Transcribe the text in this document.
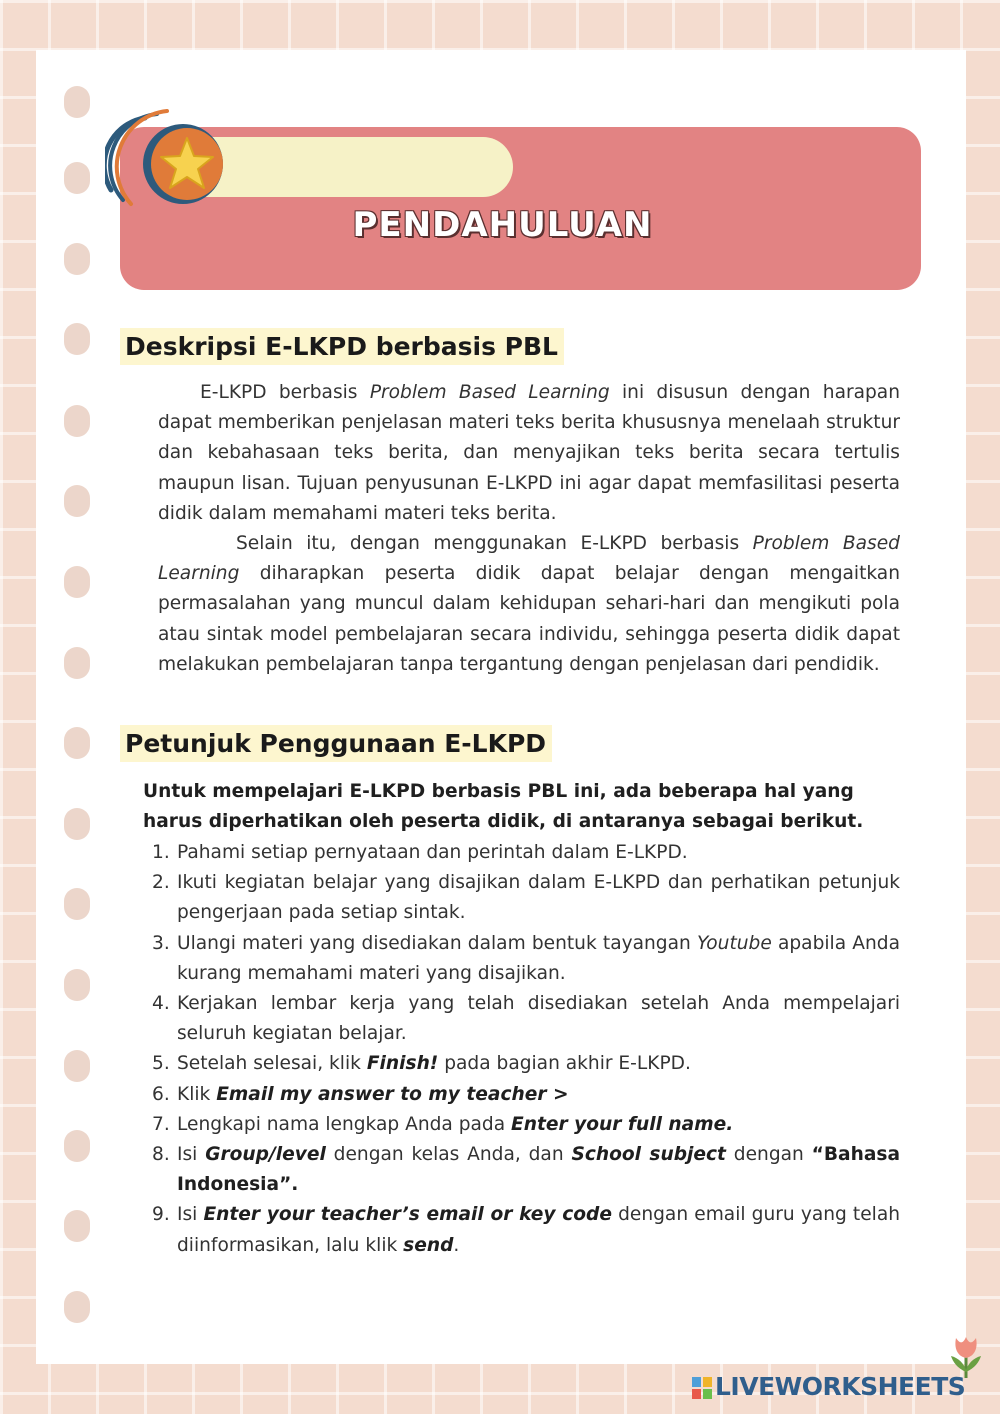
PENDAHULUAN
Deskripsi E-LKPD berbasis PBL

E-LKPD berbasis Problem Based Learning ini disusun dengan harapan dapat memberikan penjelasan materi teks berita khususnya menelaah struktur dan kebahasaan teks berita, dan menyajikan teks berita secara tertulis maupun lisan. Tujuan penyusunan E-LKPD ini agar dapat memfasilitasi peserta didik dalam memahami materi teks berita.

Selain itu, dengan menggunakan E-LKPD berbasis Problem Based Learning diharapkan peserta didik dapat belajar dengan mengaitkan permasalahan yang muncul dalam kehidupan sehari-hari dan mengikuti pola atau sintak model pembelajaran secara individu, sehingga peserta didik dapat melakukan pembelajaran tanpa tergantung dengan penjelasan dari pendidik.

Petunjuk Penggunaan E-LKPD

Untuk mempelajari E-LKPD berbasis PBL ini, ada beberapa hal yang harus diperhatikan oleh peserta didik, di antaranya sebagai berikut.

1. Pahami setiap pernyataan dan perintah dalam E-LKPD.
2. Ikuti kegiatan belajar yang disajikan dalam E-LKPD dan perhatikan petunjuk pengerjaan pada setiap sintak.
3. Ulangi materi yang disediakan dalam bentuk tayangan Youtube apabila Anda kurang memahami materi yang disajikan.
4. Kerjakan lembar kerja yang telah disediakan setelah Anda mempelajari seluruh kegiatan belajar.
5. Setelah selesai, klik Finish! pada bagian akhir E-LKPD.
6. Klik Email my answer to my teacher >
7. Lengkapi nama lengkap Anda pada Enter your full name.
8. Isi Group/level dengan kelas Anda, dan School subject dengan “Bahasa Indonesia”.
9. Isi Enter your teacher’s email or key code dengan email guru yang telah diinformasikan, lalu klik send.
LIVEWORKSHEETS
